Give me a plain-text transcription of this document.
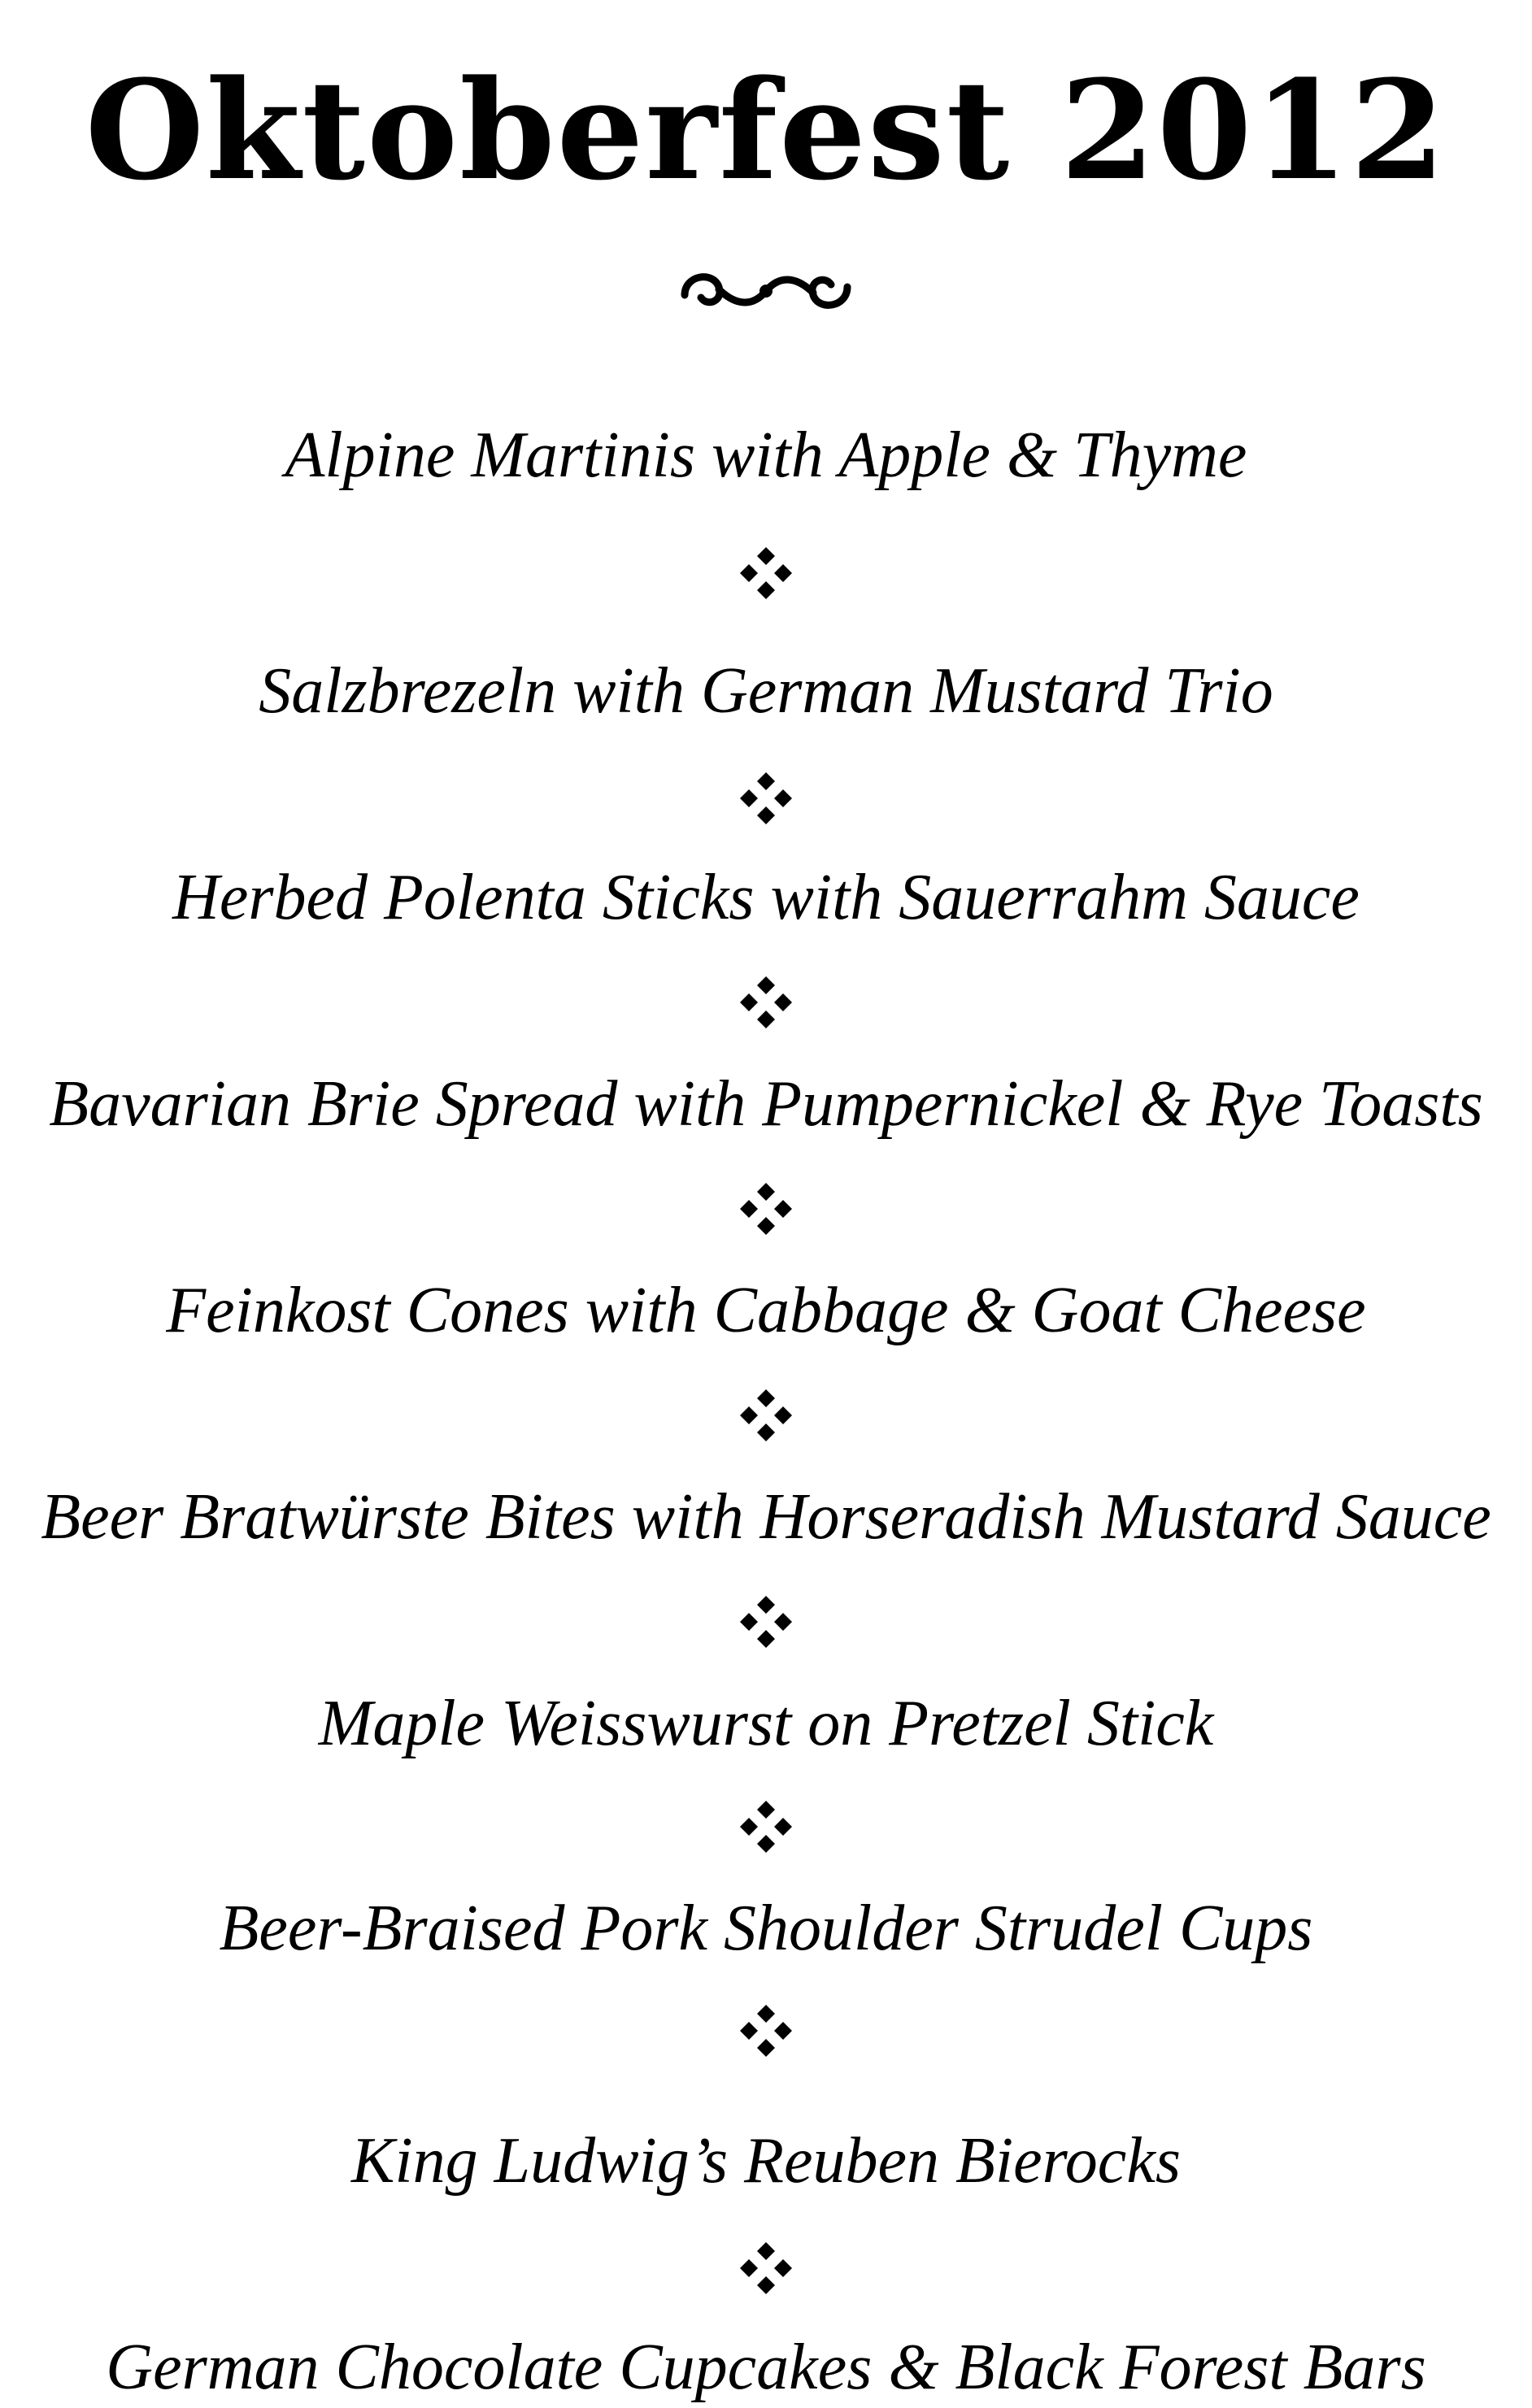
Oktoberfest 2012
Alpine Martinis with Apple & Thyme
Salzbrezeln with German Mustard Trio
Herbed Polenta Sticks with Sauerrahm Sauce
Bavarian Brie Spread with Pumpernickel & Rye Toasts
Feinkost Cones with Cabbage & Goat Cheese
Beer Bratwürste Bites with Horseradish Mustard Sauce
Maple Weisswurst on Pretzel Stick
Beer-Braised Pork Shoulder Strudel Cups
King Ludwig’s Reuben Bierocks
German Chocolate Cupcakes & Black Forest Bars
